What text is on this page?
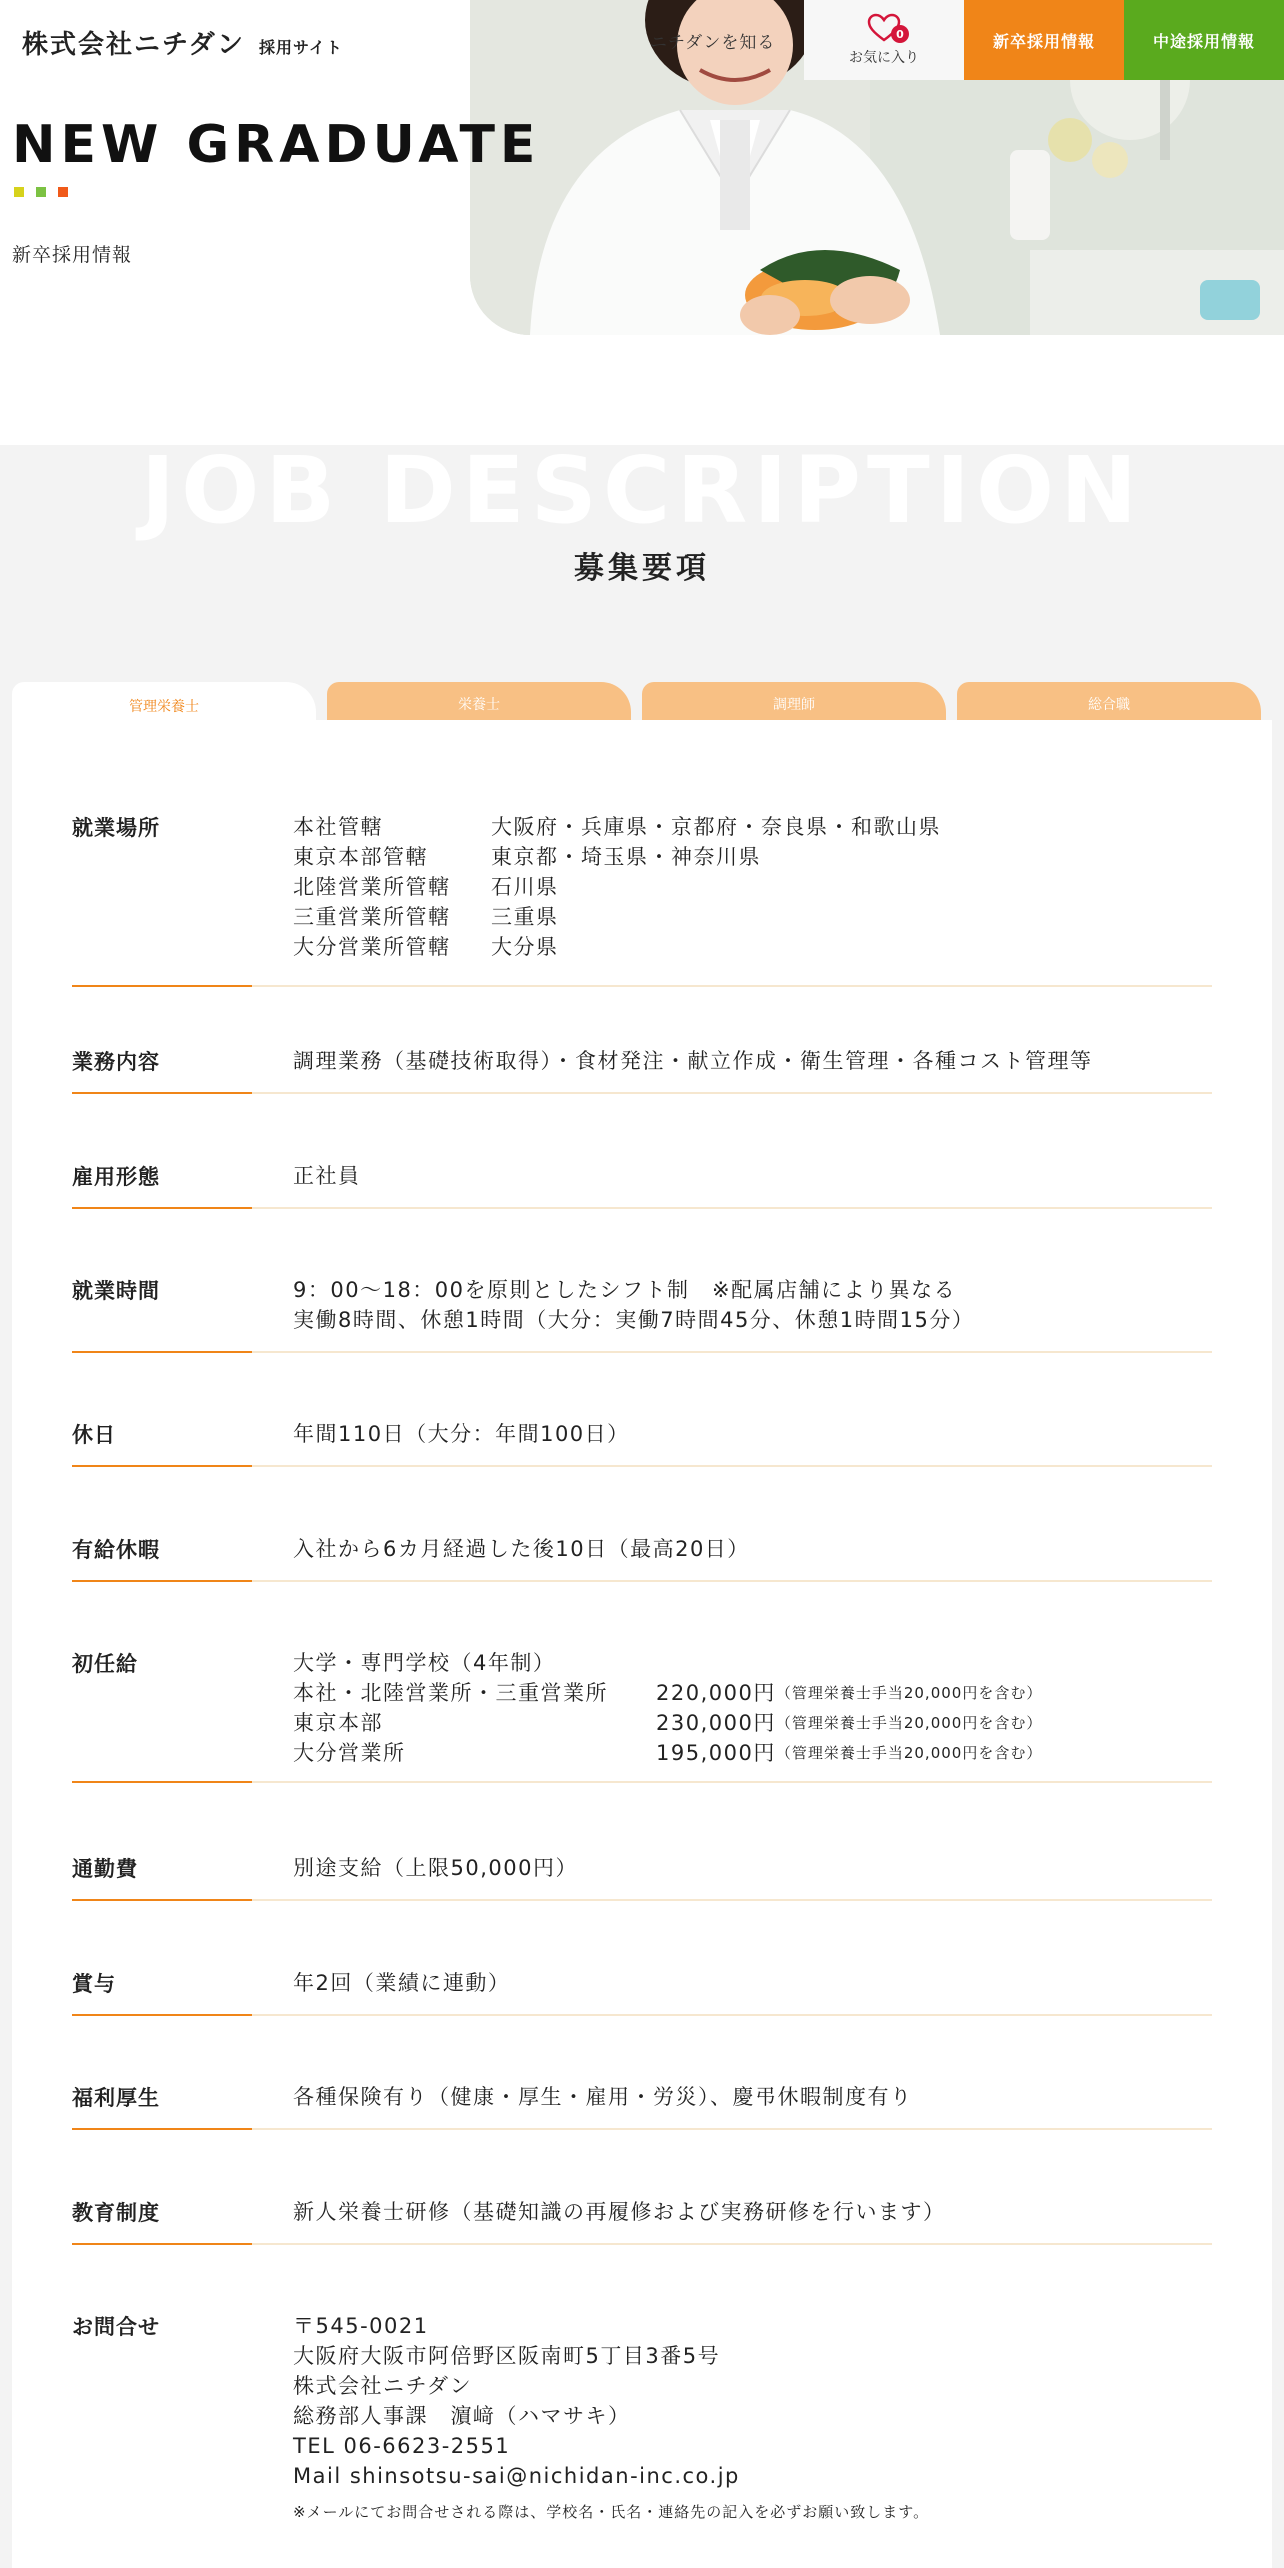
株式会社ニチダン 採用サイト
NEW GRADUATE
新卒採用情報
ニチダンを知る	0
お気に入り
新卒採用情報	中途採用情報
JOB DESCRIPTION
募集要項
管理栄養士	栄養士	調理師	総合職
就業場所	本社管轄	大阪府・兵庫県・京都府・奈良県・和歌山県
東京本部管轄	東京都・埼玉県・神奈川県
北陸営業所管轄	石川県
三重営業所管轄	三重県
大分営業所管轄	大分県
業務内容	調理業務（基礎技術取得）・食材発注・献立作成・衛生管理・各種コスト管理等
雇用形態	正社員
就業時間	9：00～18：00を原則としたシフト制　※配属店舗により異なる
実働8時間、休憩1時間（大分：実働7時間45分、休憩1時間15分）
休日	年間110日（大分：年間100日）
有給休暇	入社から6カ月経過した後10日（最高20日）
初任給	大学・専門学校（4年制）
本社・北陸営業所・三重営業所	220,000円 （管理栄養士手当20,000円を含む）
東京本部	230,000円 （管理栄養士手当20,000円を含む）
大分営業所	195,000円 （管理栄養士手当20,000円を含む）
通勤費	別途支給（上限50,000円）
賞与	年2回（業績に連動）
福利厚生	各種保険有り（健康・厚生・雇用・労災）、慶弔休暇制度有り
教育制度	新人栄養士研修（基礎知識の再履修および実務研修を行います）
お問合せ	〒545-0021
大阪府大阪市阿倍野区阪南町5丁目3番5号
株式会社ニチダン
総務部人事課　濵﨑（ハマサキ）
TEL 06-6623-2551
Mail shinsotsu-sai@nichidan-inc.co.jp
※メールにてお問合せされる際は、学校名・氏名・連絡先の記入を必ずお願い致します。
